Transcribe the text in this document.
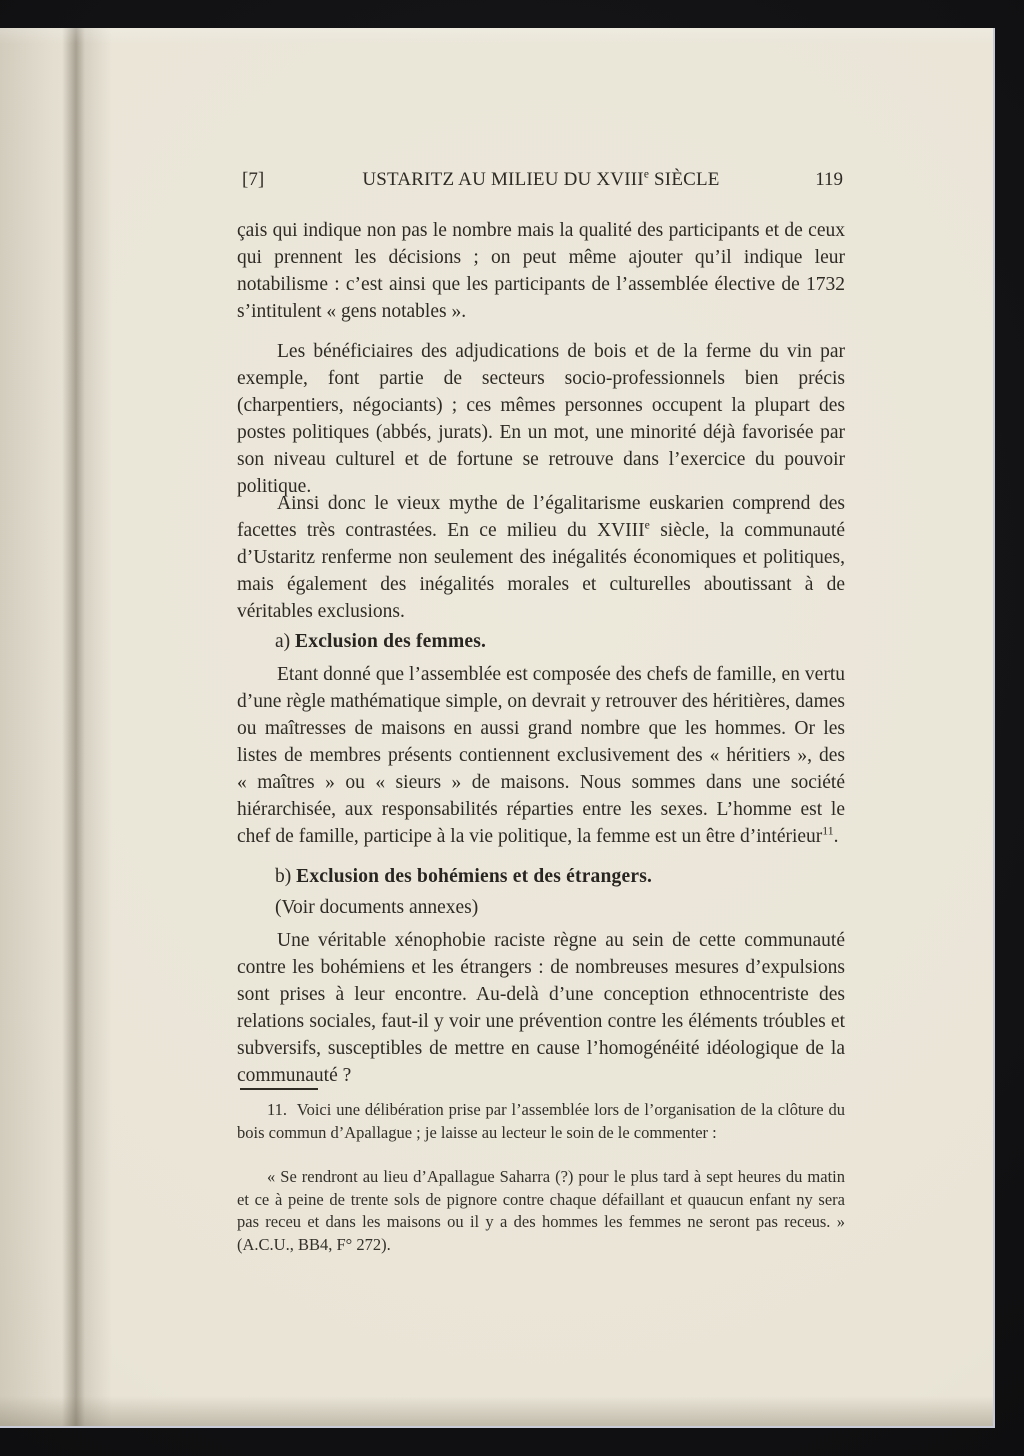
[7]	USTARITZ AU MILIEU DU XVIIIe SIÈCLE	119

çais qui indique non pas le nombre mais la qualité des participants et de ceux qui prennent les décisions ; on peut même ajouter qu’il indique leur notabilisme : c’est ainsi que les participants de l’assemblée élective de 1732 s’intitulent « gens notables ».

Les bénéficiaires des adjudications de bois et de la ferme du vin par exemple, font partie de secteurs socio-professionnels bien précis (charpentiers, négociants) ; ces mêmes personnes occupent la plupart des postes politiques (abbés, jurats). En un mot, une minorité déjà favorisée par son niveau culturel et de fortune se retrouve dans l’exercice du pouvoir politique.

Ainsi donc le vieux mythe de l’égalitarisme euskarien comprend des facettes très contrastées. En ce milieu du XVIIIe siècle, la communauté d’Ustaritz renferme non seulement des inégalités économiques et politiques, mais également des inégalités morales et culturelles aboutissant à de véritables exclusions.

a) Exclusion des femmes.

Etant donné que l’assemblée est composée des chefs de famille, en vertu d’une règle mathématique simple, on devrait y retrouver des héritières, dames ou maîtresses de maisons en aussi grand nombre que les hommes. Or les listes de membres présents contiennent exclusivement des « héritiers », des « maîtres » ou « sieurs » de maisons. Nous sommes dans une société hiérarchisée, aux responsabilités réparties entre les sexes. L’homme est le chef de famille, participe à la vie politique, la femme est un être d’intérieur$^{11}$.

b) Exclusion des bohémiens et des étrangers.

(Voir documents annexes)

Une véritable xénophobie raciste règne au sein de cette communauté contre les bohémiens et les étrangers : de nombreuses mesures d’expulsions sont prises à leur encontre. Au-delà d’une conception ethnocentriste des relations sociales, faut-il y voir une prévention contre les éléments tróubles et subversifs, susceptibles de mettre en cause l’homogénéité idéologique de la communauté ?

11.  Voici une délibération prise par l’assemblée lors de l’organisation de la clôture du bois commun d’Apallague ; je laisse au lecteur le soin de le commenter :

« Se rendront au lieu d’Apallague Saharra (?) pour le plus tard à sept heures du matin et ce à peine de trente sols de pignore contre chaque défaillant et quaucun enfant ny sera pas receu et dans les maisons ou il y a des hommes les femmes ne seront pas receus. » (A.C.U., BB4, F° 272).
